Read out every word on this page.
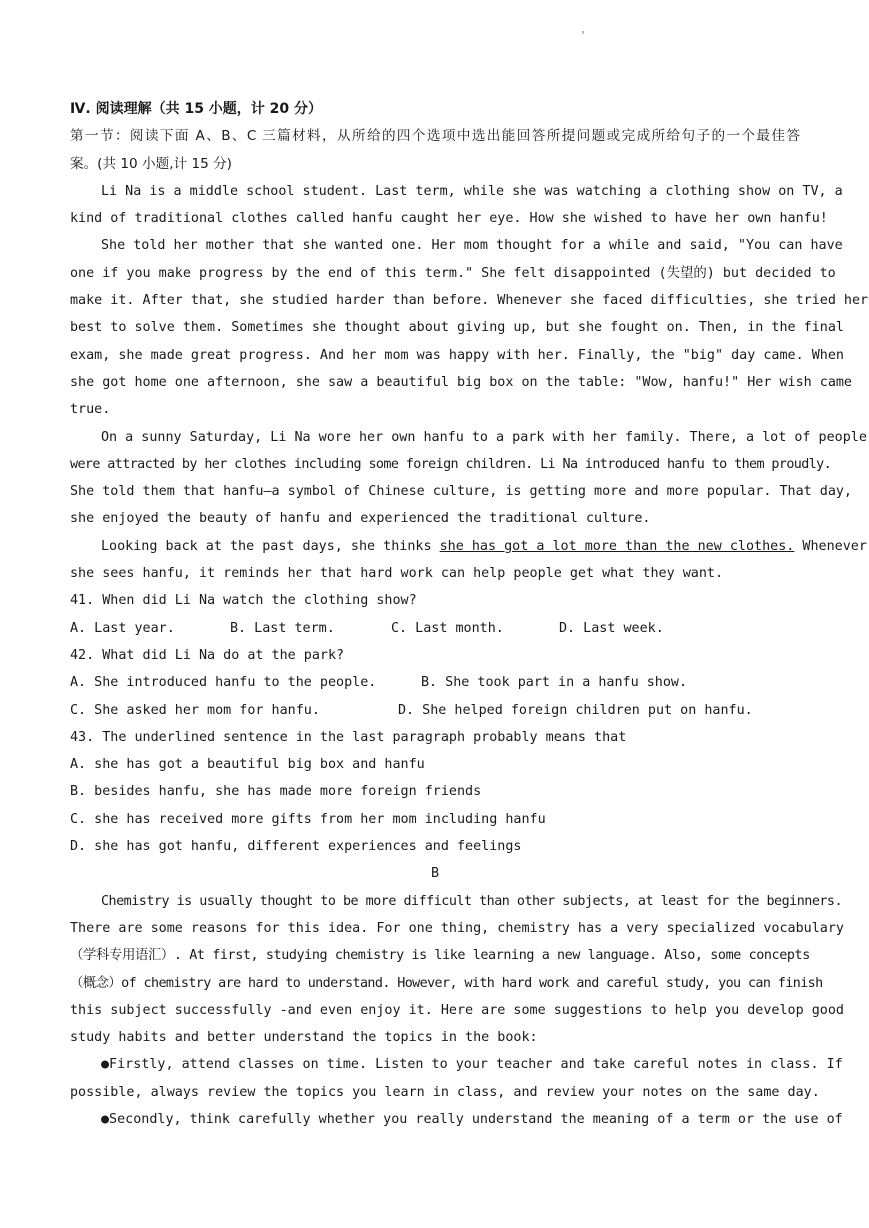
'
Ⅳ. 阅读理解（共 15 小题，计 20 分）
第一节：阅读下面 A、B、C 三篇材料，从所给的四个选项中选出能回答所提问题或完成所给句子的一个最佳答
案。(共 10 小题,计 15 分)
Li Na is a middle school student. Last term, while she was watching a clothing show on TV, a
kind of traditional clothes called hanfu caught her eye. How she wished to have her own hanfu!
She told her mother that she wanted one. Her mom thought for a while and said, "You can have
one if you make progress by the end of this term." She felt disappointed (失望的) but decided to
make it. After that, she studied harder than before. Whenever she faced difficulties, she tried her
best to solve them. Sometimes she thought about giving up, but she fought on. Then, in the final
exam, she made great progress. And her mom was happy with her. Finally, the "big" day came. When
she got home one afternoon, she saw a beautiful big box on the table: "Wow, hanfu!" Her wish came
true.
On a sunny Saturday, Li Na wore her own hanfu to a park with her family. There, a lot of people
were attracted by her clothes including some foreign children. Li Na introduced hanfu to them proudly.
She told them that hanfu—a symbol of Chinese culture, is getting more and more popular. That day,
she enjoyed the beauty of hanfu and experienced the traditional culture.
Looking back at the past days, she thinks she has got a lot more than the new clothes. Whenever
she sees hanfu, it reminds her that hard work can help people get what they want.
41. When did Li Na watch the clothing show?
A. Last year.	B. Last term.	C. Last month.	D. Last week.
42. What did Li Na do at the park?
A. She introduced hanfu to the people.	B. She took part in a hanfu show.
C. She asked her mom for hanfu.	D. She helped foreign children put on hanfu.
43. The underlined sentence in the last paragraph probably means that
A. she has got a beautiful big box and hanfu
B. besides hanfu, she has made more foreign friends
C. she has received more gifts from her mom including hanfu
D. she has got hanfu, different experiences and feelings
B
Chemistry is usually thought to be more difficult than other subjects, at least for the beginners.
There are some reasons for this idea. For one thing, chemistry has a very specialized vocabulary
（学科专用语汇）. At first, studying chemistry is like learning a new language. Also, some concepts
（概念）of chemistry are hard to understand. However, with hard work and careful study, you can finish
this subject successfully -and even enjoy it. Here are some suggestions to help you develop good
study habits and better understand the topics in the book:
●Firstly, attend classes on time. Listen to your teacher and take careful notes in class. If
possible, always review the topics you learn in class, and review your notes on the same day.
●Secondly, think carefully whether you really understand the meaning of a term or the use of
